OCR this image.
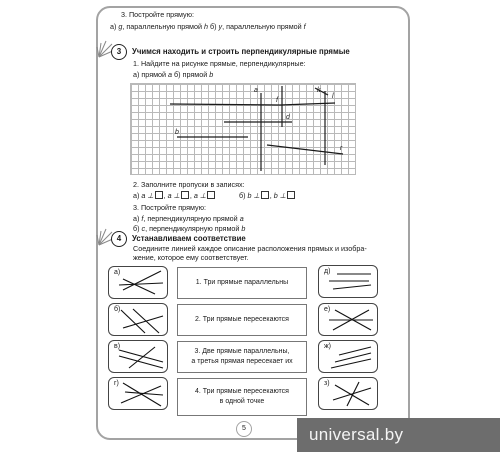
3. Постройте прямую:
а) g, параллельную прямой h б) y, параллельную прямой f
3	Учимся находить и строить перпендикулярные прямые
1. Найдите на рисунке прямые, перпендикулярные:
а) прямой a б) прямой b
a	k
l
f
d
b
r
2. Заполните пропуски в записях:
а) a ⊥ , a ⊥ , a ⊥	б) b ⊥ , b ⊥
3. Постройте прямую:
а) f, перпендикулярную прямой a
б) c, перпендикулярную прямой b
4	Устанавливаем соответствие
Соедините линией каждое описание расположения прямых и изобра-
жение, которое ему соответствует.
а)
б)
в)
г)
1. Три прямые параллельны
2. Три прямые пересекаются
3. Две прямые параллельны,
а третья прямая пересекает их
4. Три прямые пересекаются
в одной точке
д)
е)
ж)
з)
5	universal.by
